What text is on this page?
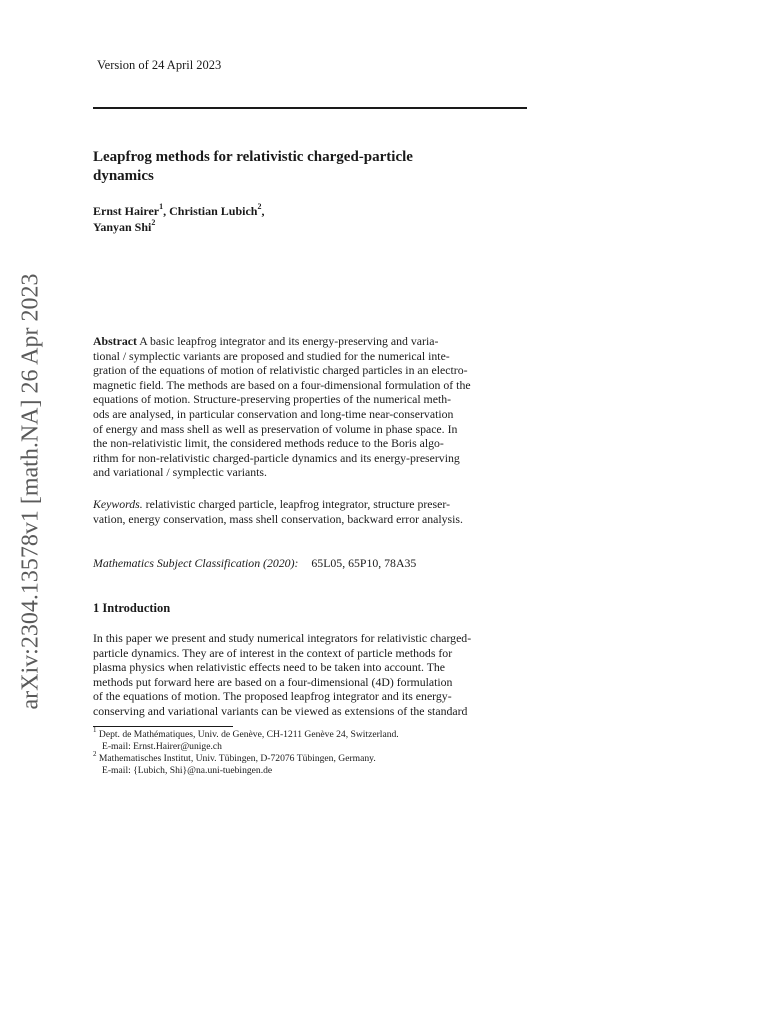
arXiv:2304.13578v1 [math.NA] 26 Apr 2023
Version of 24 April 2023
Leapfrog methods for relativistic charged-particle
dynamics
Ernst Hairer$^1$, Christian Lubich$^2$,
Yanyan Shi$^2$
Abstract A basic leapfrog integrator and its energy-preserving and varia-
tional / symplectic variants are proposed and studied for the numerical inte-
gration of the equations of motion of relativistic charged particles in an electro-
magnetic field. The methods are based on a four-dimensional formulation of the
equations of motion. Structure-preserving properties of the numerical meth-
ods are analysed, in particular conservation and long-time near-conservation
of energy and mass shell as well as preservation of volume in phase space. In
the non-relativistic limit, the considered methods reduce to the Boris algo-
rithm for non-relativistic charged-particle dynamics and its energy-preserving
and variational / symplectic variants.
Keywords. relativistic charged particle, leapfrog integrator, structure preser-
vation, energy conservation, mass shell conservation, backward error analysis.
Mathematics Subject Classification (2020): 65L05, 65P10, 78A35
1 Introduction
In this paper we present and study numerical integrators for relativistic charged-
particle dynamics. They are of interest in the context of particle methods for
plasma physics when relativistic effects need to be taken into account. The
methods put forward here are based on a four-dimensional (4D) formulation
of the equations of motion. The proposed leapfrog integrator and its energy-
conserving and variational variants can be viewed as extensions of the standard
$^1$ Dept. de Mathématiques, Univ. de Genève, CH-1211 Genève 24, Switzerland.
E-mail: Ernst.Hairer@unige.ch
$^2$ Mathematisches Institut, Univ. Tübingen, D-72076 Tübingen, Germany.
E-mail: {Lubich, Shi}@na.uni-tuebingen.de
